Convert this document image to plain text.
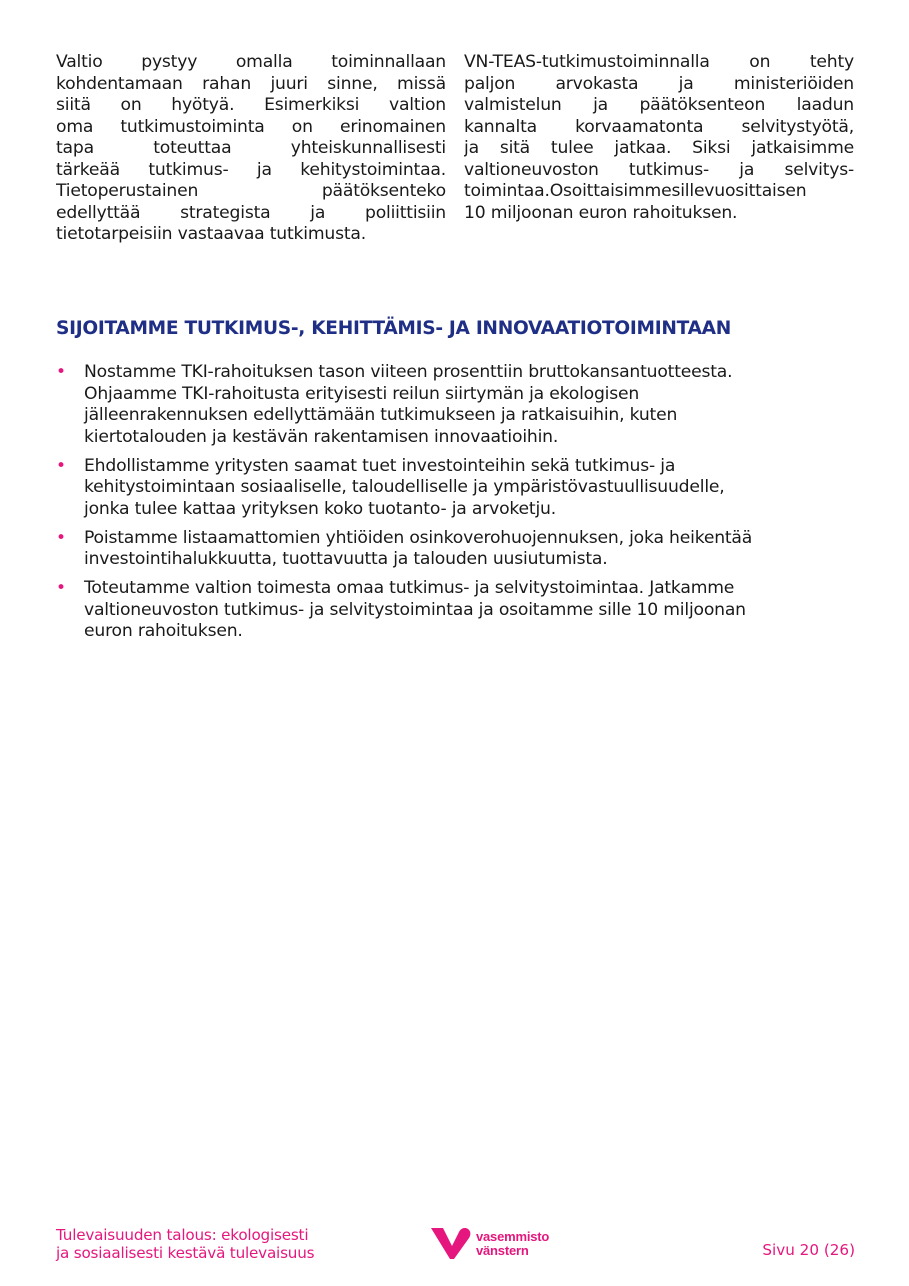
Valtio pystyy omalla toiminnallaan
kohdentamaan rahan juuri sinne, missä
siitä on hyötyä. Esimerkiksi valtion
oma tutkimustoiminta on erinomainen
tapa toteuttaa yhteiskunnallisesti
tärkeää tutkimus- ja kehitystoimintaa.
Tietoperustainen päätöksenteko
edellyttää strategista ja poliittisiin
tietotarpeisiin vastaavaa tutkimusta.
VN-TEAS-tutkimustoiminnalla on tehty
paljon arvokasta ja ministeriöiden
valmistelun ja päätöksenteon laadun
kannalta korvaamatonta selvitystyötä,
ja sitä tulee jatkaa. Siksi jatkaisimme
valtioneuvoston tutkimus- ja selvitys-
toimintaa.Osoittaisimmesillevuosittaisen
10 miljoonan euron rahoituksen.
SIJOITAMME TUTKIMUS-, KEHITTÄMIS- JA INNOVAATIOTOIMINTAAN
• Nostamme TKI-rahoituksen tason viiteen prosenttiin bruttokansantuotteesta.
Ohjaamme TKI-rahoitusta erityisesti reilun siirtymän ja ekologisen
jälleenrakennuksen edellyttämään tutkimukseen ja ratkaisuihin, kuten
kiertotalouden ja kestävän rakentamisen innovaatioihin.
• Ehdollistamme yritysten saamat tuet investointeihin sekä tutkimus- ja
kehitystoimintaan sosiaaliselle, taloudelliselle ja ympäristövastuullisuudelle,
jonka tulee kattaa yrityksen koko tuotanto- ja arvoketju.
• Poistamme listaamattomien yhtiöiden osinkoverohuojennuksen, joka heikentää
investointihalukkuutta, tuottavuutta ja talouden uusiutumista.
• Toteutamme valtion toimesta omaa tutkimus- ja selvitystoimintaa. Jatkamme
valtioneuvoston tutkimus- ja selvitystoimintaa ja osoitamme sille 10 miljoonan
euron rahoituksen.
Tulevaisuuden talous: ekologisesti
ja sosiaalisesti kestävä tulevaisuus
vasemmisto
vänstern	Sivu 20 (26)
